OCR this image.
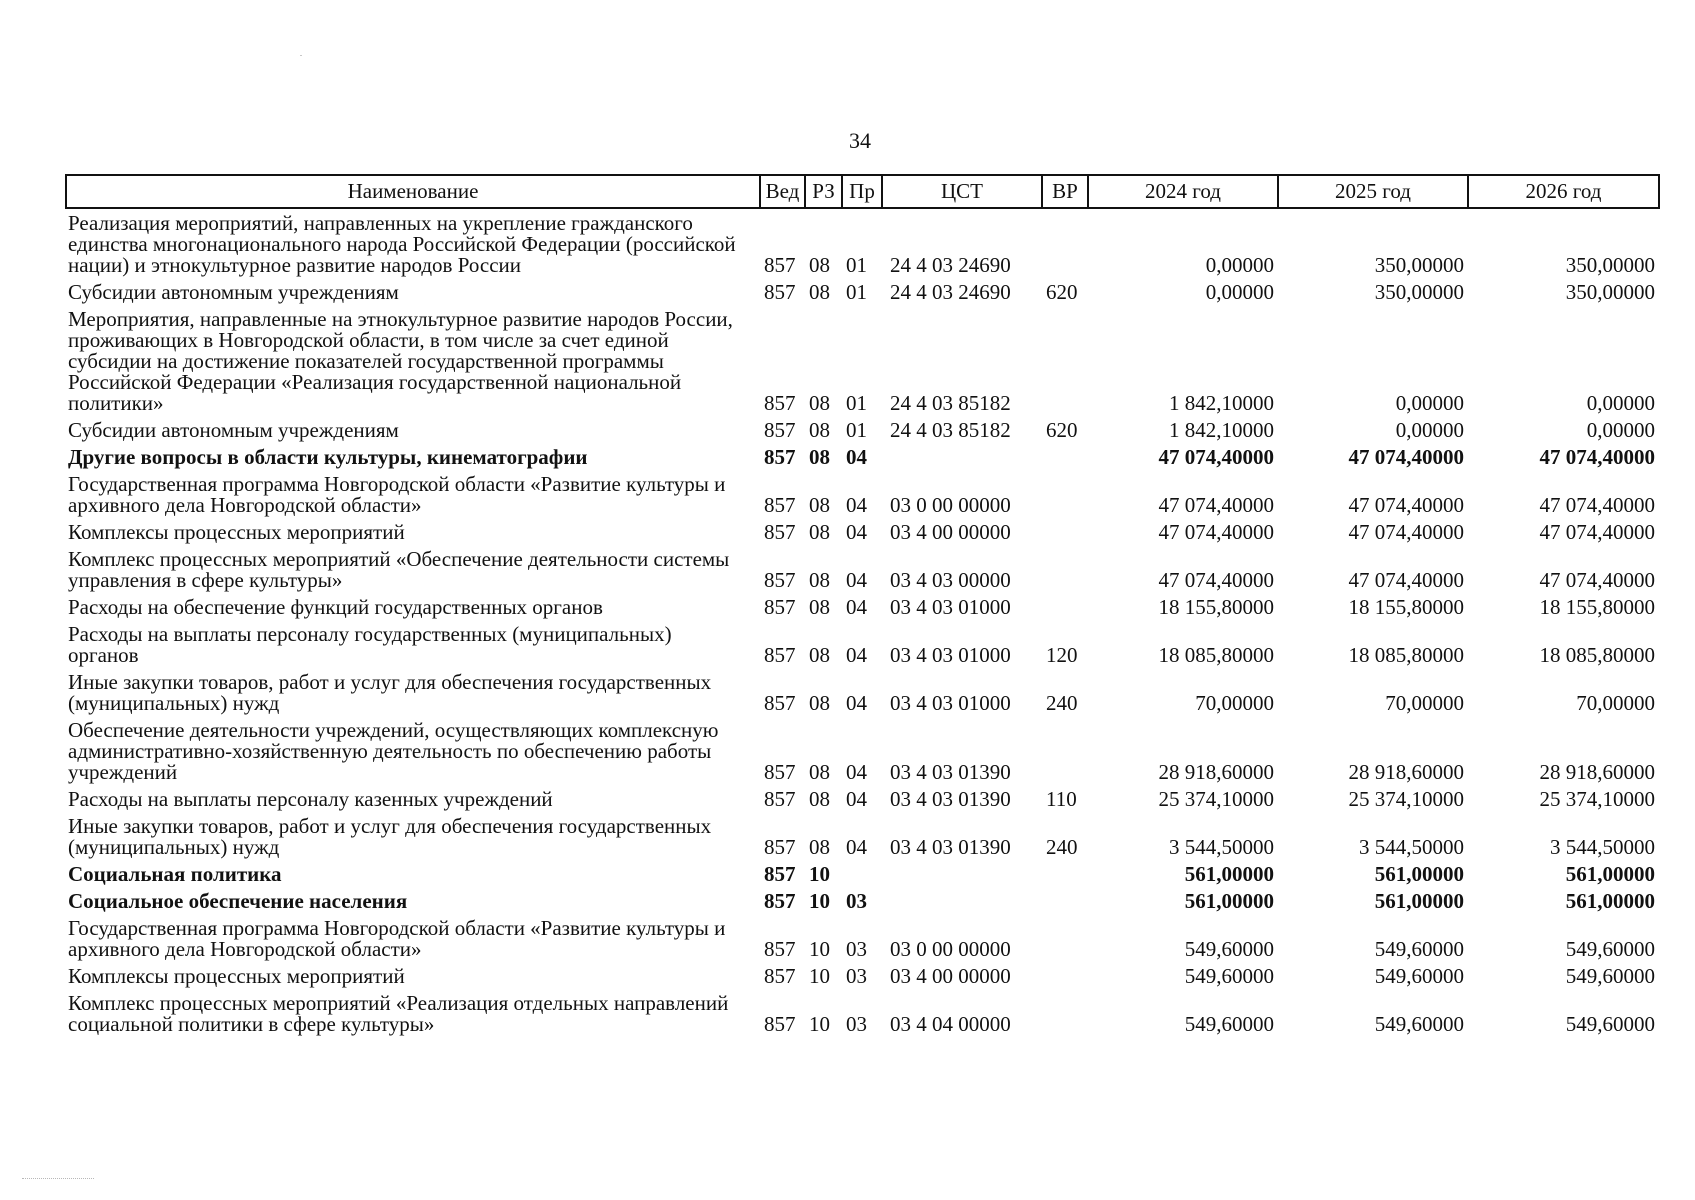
34
Наименование	Вед	РЗ	Пр	ЦСТ	ВР	2024 год	2025 год	2026 год
Реализация мероприятий, направленных на укрепление гражданского единства многонационального народа Российской Федерации (российской нации) и этнокультурное развитие народов России	857	08	01	24 4 03 24690		0,00000	350,00000	350,00000
Субсидии автономным учреждениям	857	08	01	24 4 03 24690	620	0,00000	350,00000	350,00000
Мероприятия, направленные на этнокультурное развитие народов России, проживающих в Новгородской области, в том числе за счет единой субсидии на достижение показателей государственной программы Российской Федерации «Реализация государственной национальной политики»	857	08	01	24 4 03 85182		1 842,10000	0,00000	0,00000
Субсидии автономным учреждениям	857	08	01	24 4 03 85182	620	1 842,10000	0,00000	0,00000
Другие вопросы в области культуры, кинематографии	857	08	04			47 074,40000	47 074,40000	47 074,40000
Государственная программа Новгородской области «Развитие культуры и архивного дела Новгородской области»	857	08	04	03 0 00 00000		47 074,40000	47 074,40000	47 074,40000
Комплексы процессных мероприятий	857	08	04	03 4 00 00000		47 074,40000	47 074,40000	47 074,40000
Комплекс процессных мероприятий «Обеспечение деятельности системы управления в сфере культуры»	857	08	04	03 4 03 00000		47 074,40000	47 074,40000	47 074,40000
Расходы на обеспечение функций государственных органов	857	08	04	03 4 03 01000		18 155,80000	18 155,80000	18 155,80000
Расходы на выплаты персоналу государственных (муниципальных) органов	857	08	04	03 4 03 01000	120	18 085,80000	18 085,80000	18 085,80000
Иные закупки товаров, работ и услуг для обеспечения государственных (муниципальных) нужд	857	08	04	03 4 03 01000	240	70,00000	70,00000	70,00000
Обеспечение деятельности учреждений, осуществляющих комплексную административно-хозяйственную деятельность по обеспечению работы учреждений	857	08	04	03 4 03 01390		28 918,60000	28 918,60000	28 918,60000
Расходы на выплаты персоналу казенных учреждений	857	08	04	03 4 03 01390	110	25 374,10000	25 374,10000	25 374,10000
Иные закупки товаров, работ и услуг для обеспечения государственных (муниципальных) нужд	857	08	04	03 4 03 01390	240	3 544,50000	3 544,50000	3 544,50000
Социальная политика	857	10				561,00000	561,00000	561,00000
Социальное обеспечение населения	857	10	03			561,00000	561,00000	561,00000
Государственная программа Новгородской области «Развитие культуры и архивного дела Новгородской области»	857	10	03	03 0 00 00000		549,60000	549,60000	549,60000
Комплексы процессных мероприятий	857	10	03	03 4 00 00000		549,60000	549,60000	549,60000
Комплекс процессных мероприятий «Реализация отдельных направлений социальной политики в сфере культуры»	857	10	03	03 4 04 00000		549,60000	549,60000	549,60000
